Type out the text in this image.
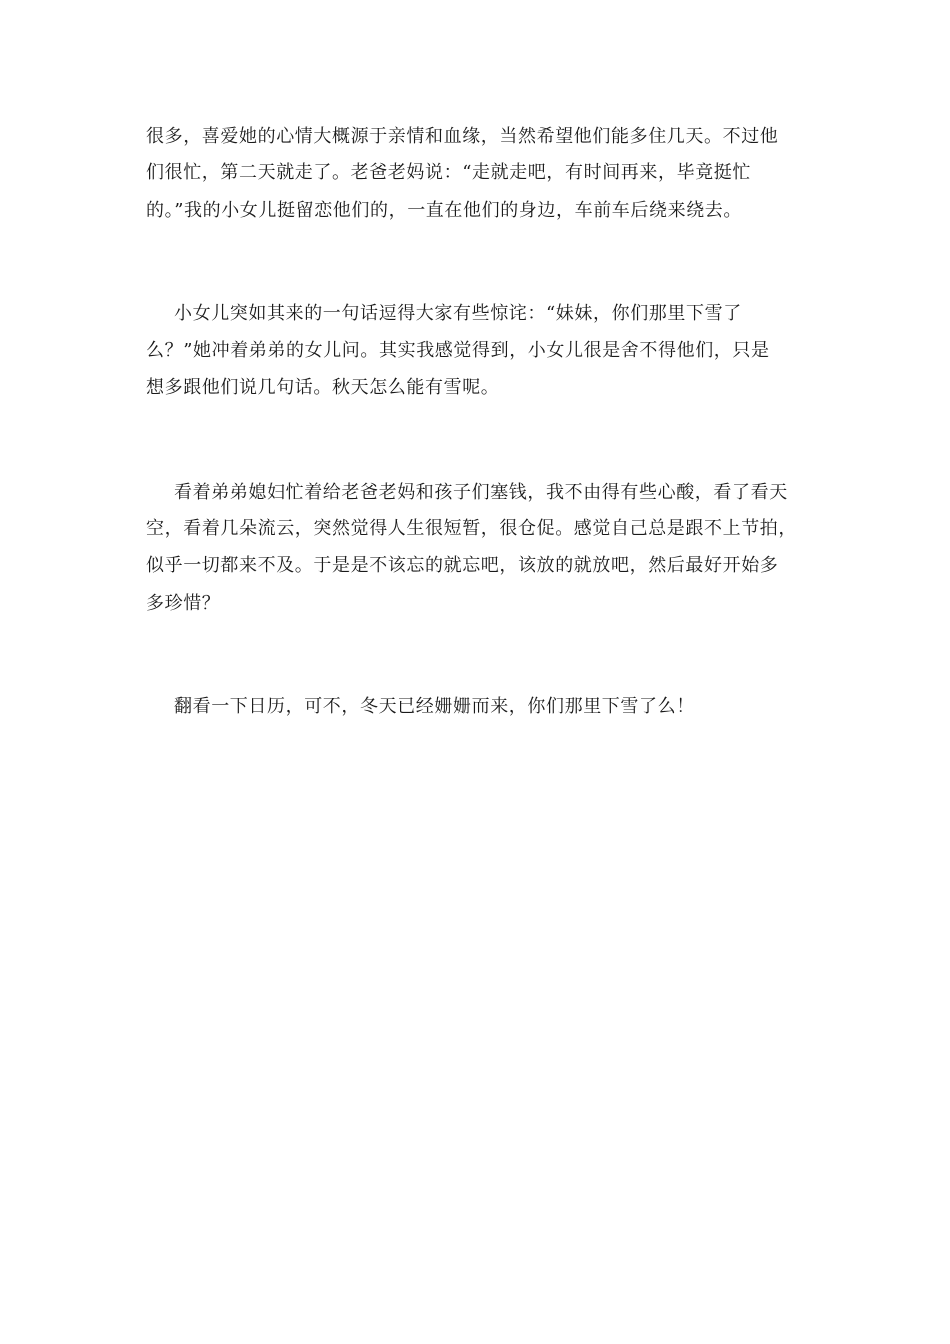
很多，喜爱她的心情大概源于亲情和血缘，当然希望他们能多住几天。不过他

们很忙，第二天就走了。老爸老妈说：“走就走吧，有时间再来，毕竟挺忙

的。”我的小女儿挺留恋他们的，一直在他们的身边，车前车后绕来绕去。

小女儿突如其来的一句话逗得大家有些惊诧：“妹妹，你们那里下雪了

么？”她冲着弟弟的女儿问。其实我感觉得到，小女儿很是舍不得他们，只是

想多跟他们说几句话。秋天怎么能有雪呢。

看着弟弟媳妇忙着给老爸老妈和孩子们塞钱，我不由得有些心酸，看了看天

空，看着几朵流云，突然觉得人生很短暂，很仓促。感觉自己总是跟不上节拍，

似乎一切都来不及。于是是不该忘的就忘吧，该放的就放吧，然后最好开始多

多珍惜？

翻看一下日历，可不，冬天已经姗姗而来，你们那里下雪了么！
